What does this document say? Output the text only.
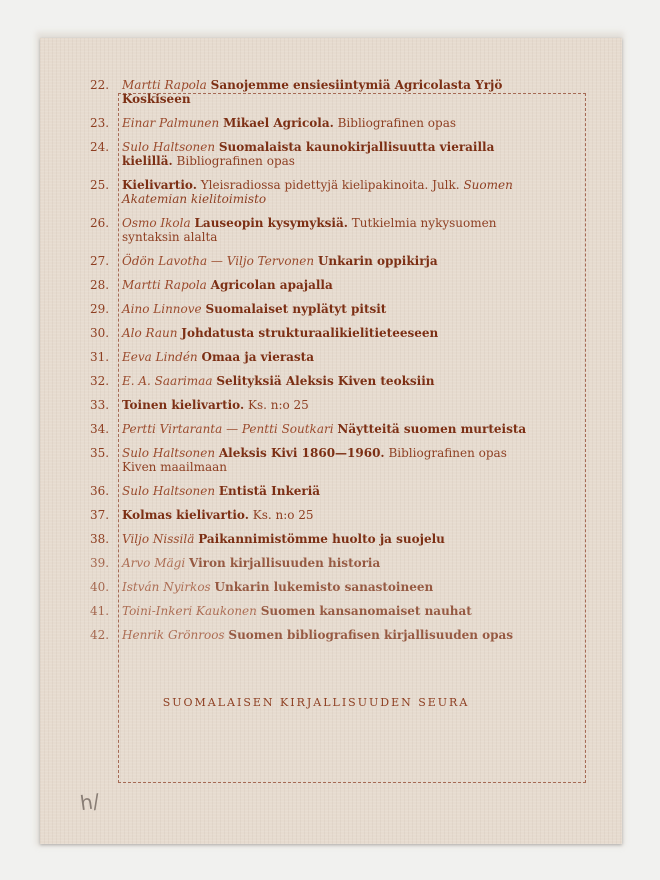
22.	Martti Rapola Sanojemme ensiesiintymiä Agricolasta Yrjö Koskiseen
23.	Einar Palmunen Mikael Agricola. Bibliografinen opas
24.	Sulo Haltsonen Suomalaista kaunokirjallisuutta vierailla kielillä. Bibliografinen opas
25.	Kielivartio. Yleisradiossa pidettyjä kielipakinoita. Julk. Suomen Akatemian kielitoimisto
26.	Osmo Ikola Lauseopin kysymyksiä. Tutkielmia nykysuomen syntaksin alalta
27.	Ödön Lavotha — Viljo Tervonen Unkarin oppikirja
28.	Martti Rapola Agricolan apajalla
29.	Aino Linnove Suomalaiset nyplätyt pitsit
30.	Alo Raun Johdatusta strukturaalikielitieteeseen
31.	Eeva Lindén Omaa ja vierasta
32.	E. A. Saarimaa Selityksiä Aleksis Kiven teoksiin
33.	Toinen kielivartio. Ks. n:o 25
34.	Pertti Virtaranta — Pentti Soutkari Näytteitä suomen murteista
35.	Sulo Haltsonen Aleksis Kivi 1860—1960. Bibliografinen opas Kiven maailmaan
36.	Sulo Haltsonen Entistä Inkeriä
37.	Kolmas kielivartio. Ks. n:o 25
38.	Viljo Nissilä Paikannimistömme huolto ja suojelu
39.	Arvo Mägi Viron kirjallisuuden historia
40.	István Nyirkos Unkarin lukemisto sanastoineen
41.	Toini-Inkeri Kaukonen Suomen kansanomaiset nauhat
42.	Henrik Grönroos Suomen bibliografisen kirjallisuuden opas
SUOMALAISEN KIRJALLISUUDEN SEURA
h/
